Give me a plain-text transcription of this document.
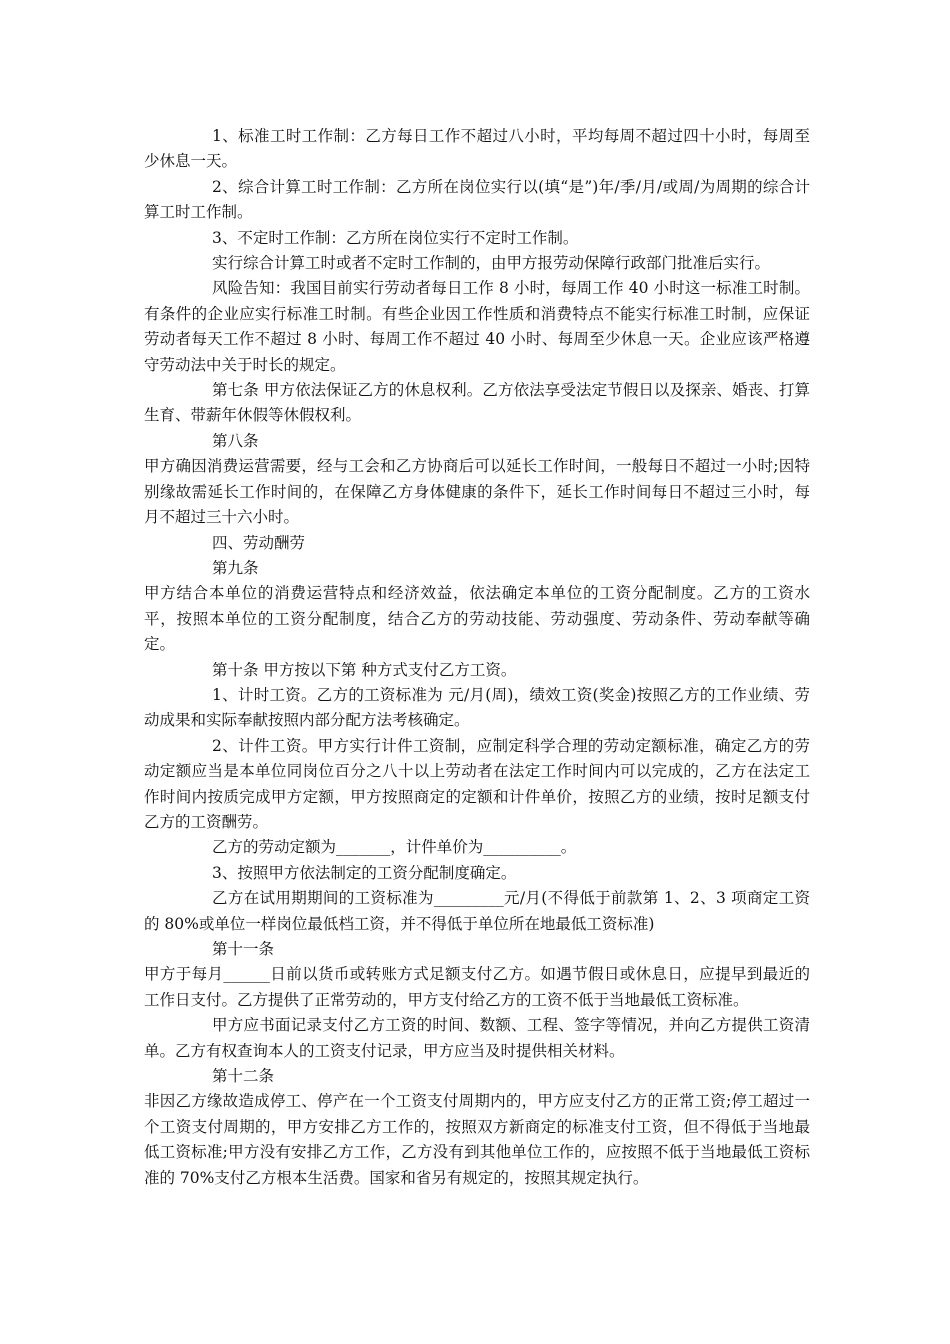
1、标准工时工作制：乙方每日工作不超过八小时，平均每周不超过四十小时，每周至少休息一天。

2、综合计算工时工作制：乙方所在岗位实行以(填“是”)年/季/月/或周/为周期的综合计算工时工作制。

3、不定时工作制：乙方所在岗位实行不定时工作制。

实行综合计算工时或者不定时工作制的，由甲方报劳动保障行政部门批准后实行。

风险告知：我国目前实行劳动者每日工作 8 小时，每周工作 40 小时这一标准工时制。有条件的企业应实行标准工时制。有些企业因工作性质和消费特点不能实行标准工时制，应保证劳动者每天工作不超过 8 小时、每周工作不超过 40 小时、每周至少休息一天。企业应该严格遵守劳动法中关于时长的规定。

第七条 甲方依法保证乙方的休息权利。乙方依法享受法定节假日以及探亲、婚丧、打算生育、带薪年休假等休假权利。

第八条

甲方确因消费运营需要，经与工会和乙方协商后可以延长工作时间，一般每日不超过一小时;因特别缘故需延长工作时间的，在保障乙方身体健康的条件下，延长工作时间每日不超过三小时，每月不超过三十六小时。

四、劳动酬劳

第九条

甲方结合本单位的消费运营特点和经济效益，依法确定本单位的工资分配制度。乙方的工资水平，按照本单位的工资分配制度，结合乙方的劳动技能、劳动强度、劳动条件、劳动奉献等确定。

第十条 甲方按以下第 种方式支付乙方工资。

1、计时工资。乙方的工资标准为 元/月(周)，绩效工资(奖金)按照乙方的工作业绩、劳动成果和实际奉献按照内部分配方法考核确定。

2、计件工资。甲方实行计件工资制，应制定科学合理的劳动定额标准，确定乙方的劳动定额应当是本单位同岗位百分之八十以上劳动者在法定工作时间内可以完成的，乙方在法定工作时间内按质完成甲方定额，甲方按照商定的定额和计件单价，按照乙方的业绩，按时足额支付乙方的工资酬劳。

乙方的劳动定额为_______，计件单价为__________。

3、按照甲方依法制定的工资分配制度确定。

乙方在试用期期间的工资标准为_________元/月(不得低于前款第 1、2、3 项商定工资的 80%或单位一样岗位最低档工资，并不得低于单位所在地最低工资标准)

第十一条

甲方于每月______日前以货币或转账方式足额支付乙方。如遇节假日或休息日，应提早到最近的工作日支付。乙方提供了正常劳动的，甲方支付给乙方的工资不低于当地最低工资标准。

甲方应书面记录支付乙方工资的时间、数额、工程、签字等情况，并向乙方提供工资清单。乙方有权查询本人的工资支付记录，甲方应当及时提供相关材料。

第十二条

非因乙方缘故造成停工、停产在一个工资支付周期内的，甲方应支付乙方的正常工资;停工超过一个工资支付周期的，甲方安排乙方工作的，按照双方新商定的标准支付工资，但不得低于当地最低工资标准;甲方没有安排乙方工作，乙方没有到其他单位工作的，应按照不低于当地最低工资标准的 70%支付乙方根本生活费。国家和省另有规定的，按照其规定执行。
